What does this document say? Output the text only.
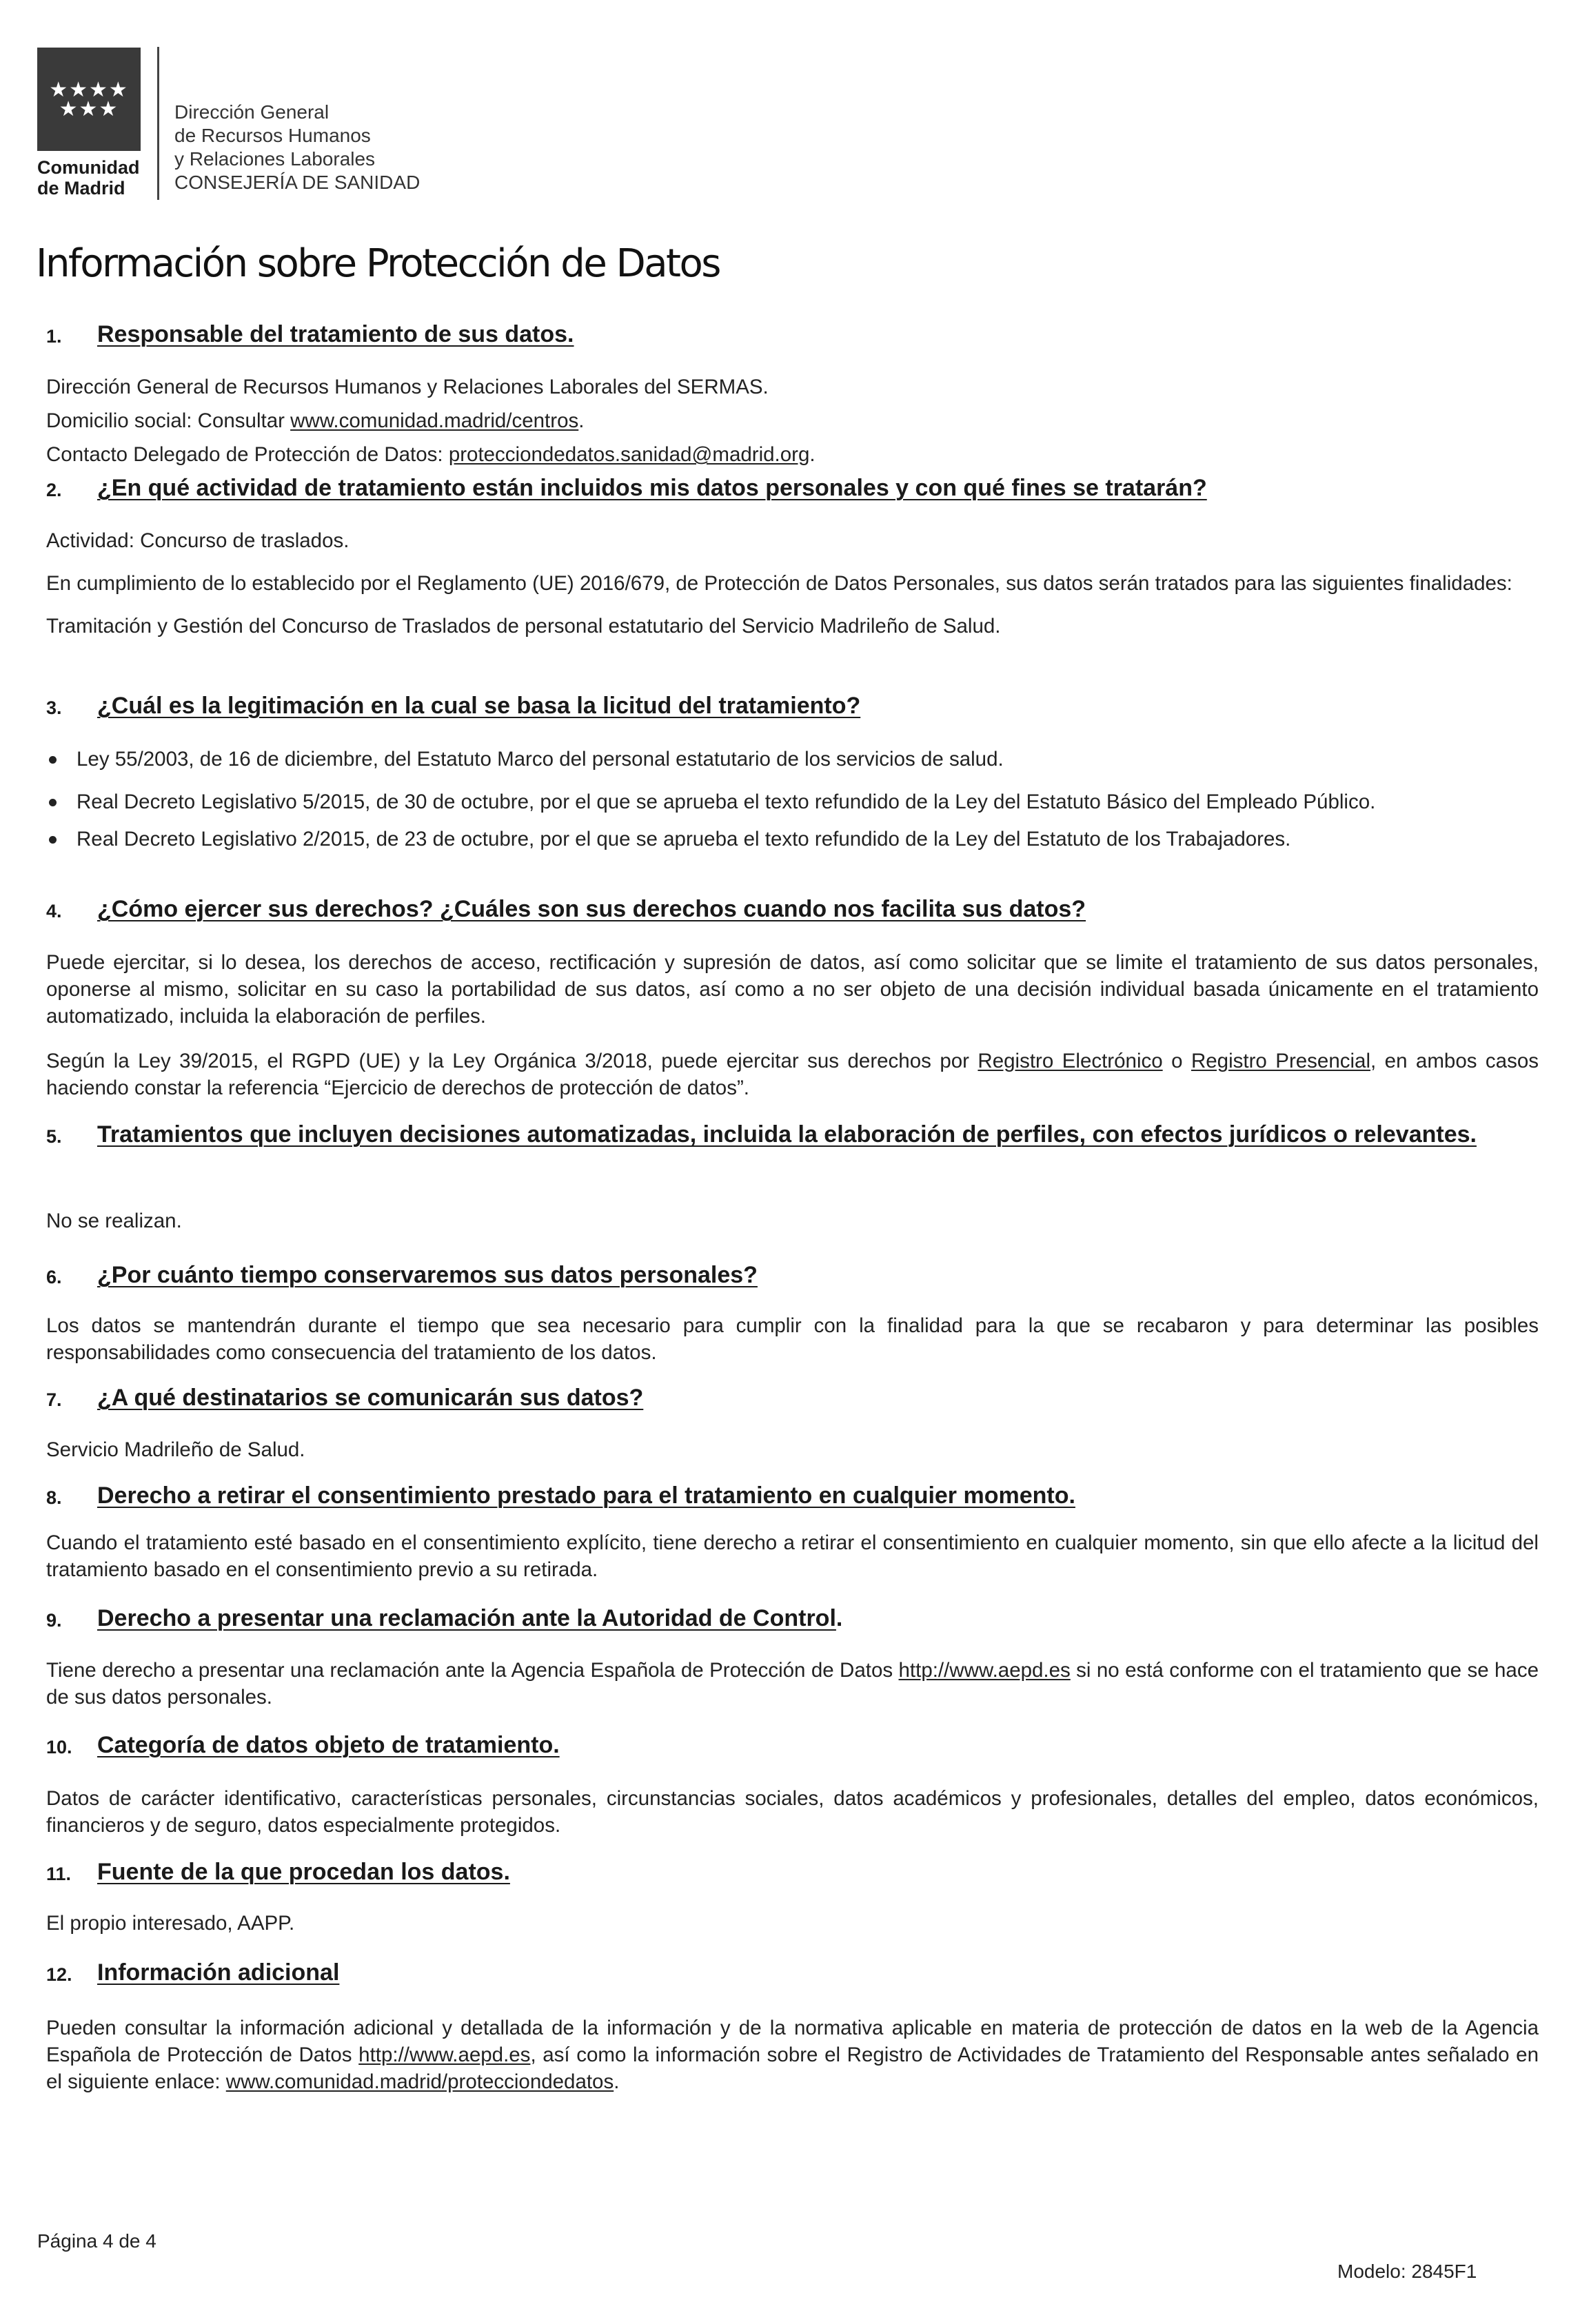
★★★★
★★★
Comunidad
de Madrid
Dirección General
de Recursos Humanos
y Relaciones Laborales
CONSEJERÍA DE SANIDAD
Información sobre Protección de Datos
1.	Responsable del tratamiento de sus datos.

Dirección General de Recursos Humanos y Relaciones Laborales del SERMAS.

Domicilio social: Consultar www.comunidad.madrid/centros.

Contacto Delegado de Protección de Datos: protecciondedatos.sanidad@madrid.org.

2.	¿En qué actividad de tratamiento están incluidos mis datos personales y con qué fines se tratarán?

Actividad: Concurso de traslados.

En cumplimiento de lo establecido por el Reglamento (UE) 2016/679, de Protección de Datos Personales, sus datos serán tratados para las siguientes finalidades:

Tramitación y Gestión del Concurso de Traslados de personal estatutario del Servicio Madrileño de Salud.

3.	¿Cuál es la legitimación en la cual se basa la licitud del tratamiento?
Ley 55/2003, de 16 de diciembre, del Estatuto Marco del personal estatutario de los servicios de salud.
Real Decreto Legislativo 5/2015, de 30 de octubre, por el que se aprueba el texto refundido de la Ley del Estatuto Básico del Empleado Público.
Real Decreto Legislativo 2/2015, de 23 de octubre, por el que se aprueba el texto refundido de la Ley del Estatuto de los Trabajadores.
4.	¿Cómo ejercer sus derechos? ¿Cuáles son sus derechos cuando nos facilita sus datos?

Puede ejercitar, si lo desea, los derechos de acceso, rectificación y supresión de datos, así como solicitar que se limite el tratamiento de sus datos personales, oponerse al mismo, solicitar en su caso la portabilidad de sus datos, así como a no ser objeto de una decisión individual basada únicamente en el tratamiento automatizado, incluida la elaboración de perfiles.

Según la Ley 39/2015, el RGPD (UE) y la Ley Orgánica 3/2018, puede ejercitar sus derechos por Registro Electrónico o Registro Presencial, en ambos casos haciendo constar la referencia “Ejercicio de derechos de protección de datos”.

5.	Tratamientos que incluyen decisiones automatizadas, incluida la elaboración de perfiles, con efectos jurídicos o relevantes.

No se realizan.

6.	¿Por cuánto tiempo conservaremos sus datos personales?

Los datos se mantendrán durante el tiempo que sea necesario para cumplir con la finalidad para la que se recabaron y para determinar las posibles responsabilidades como consecuencia del tratamiento de los datos.

7.	¿A qué destinatarios se comunicarán sus datos?

Servicio Madrileño de Salud.

8.	Derecho a retirar el consentimiento prestado para el tratamiento en cualquier momento.

Cuando el tratamiento esté basado en el consentimiento explícito, tiene derecho a retirar el consentimiento en cualquier momento, sin que ello afecte a la licitud del tratamiento basado en el consentimiento previo a su retirada.

9.	Derecho a presentar una reclamación ante la Autoridad de Control.

Tiene derecho a presentar una reclamación ante la Agencia Española de Protección de Datos http://www.aepd.es si no está conforme con el tratamiento que se hace de sus datos personales.

10.	Categoría de datos objeto de tratamiento.

Datos de carácter identificativo, características personales, circunstancias sociales, datos académicos y profesionales, detalles del empleo, datos económicos, financieros y de seguro, datos especialmente protegidos.

11.	Fuente de la que procedan los datos.

El propio interesado, AAPP.

12.	Información adicional

Pueden consultar la información adicional y detallada de la información y de la normativa aplicable en materia de protección de datos en la web de la Agencia Española de Protección de Datos http://www.aepd.es, así como la información sobre el Registro de Actividades de Tratamiento del Responsable antes señalado en el siguiente enlace: www.comunidad.madrid/protecciondedatos.

Página 4 de 4
Modelo: 2845F1
